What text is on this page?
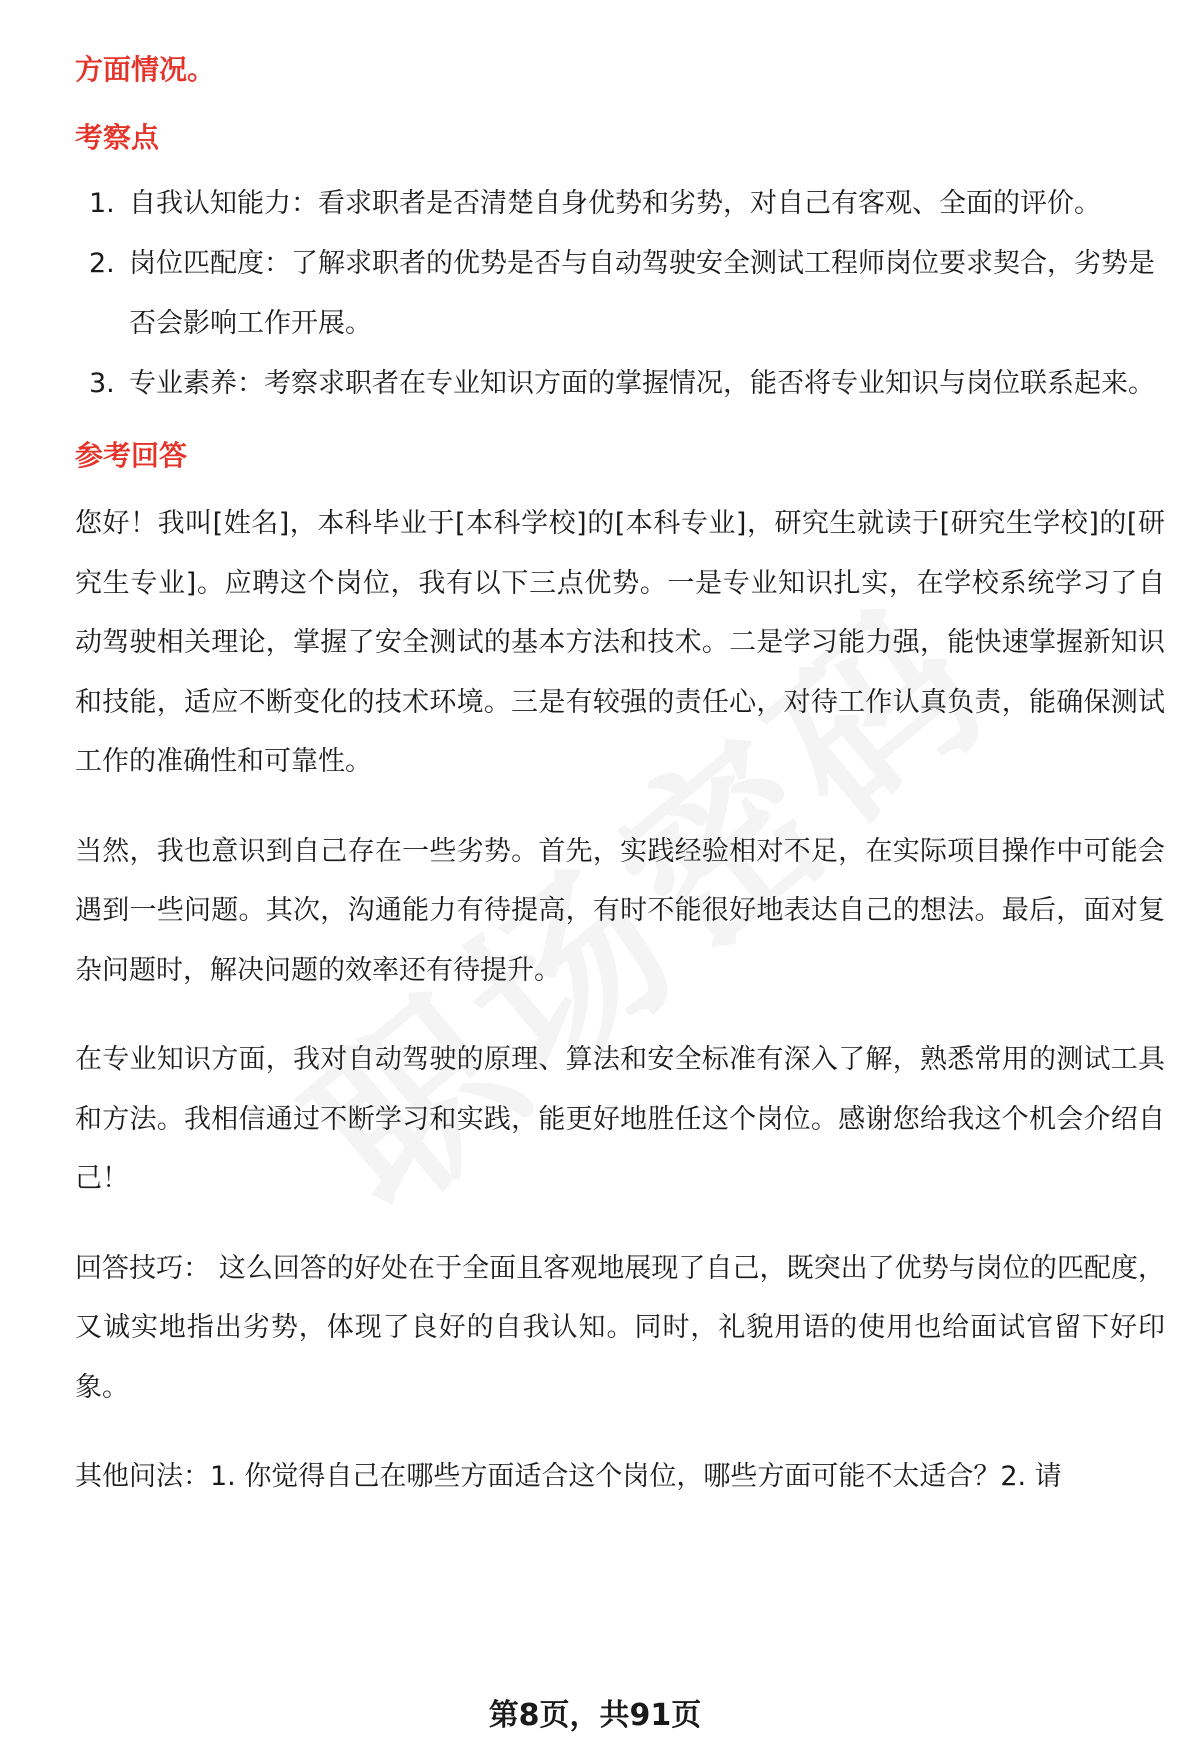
方面情况。
考察点
1. 自我认知能力：看求职者是否清楚自身优势和劣势，对自己有客观、全面的评价。
2. 岗位匹配度：了解求职者的优势是否与自动驾驶安全测试工程师岗位要求契合，劣势是否会影响工作开展。
3. 专业素养：考察求职者在专业知识方面的掌握情况，能否将专业知识与岗位联系起来。
参考回答

您好！我叫[姓名]，本科毕业于[本科学校]的[本科专业]，研究生就读于[研究生学校]的[研究生专业]。应聘这个岗位，我有以下三点优势。一是专业知识扎实，在学校系统学习了自动驾驶相关理论，掌握了安全测试的基本方法和技术。二是学习能力强，能快速掌握新知识和技能，适应不断变化的技术环境。三是有较强的责任心，对待工作认真负责，能确保测试工作的准确性和可靠性。

当然，我也意识到自己存在一些劣势。首先，实践经验相对不足，在实际项目操作中可能会遇到一些问题。其次，沟通能力有待提高，有时不能很好地表达自己的想法。最后，面对复杂问题时，解决问题的效率还有待提升。

在专业知识方面，我对自动驾驶的原理、算法和安全标准有深入了解，熟悉常用的测试工具和方法。我相信通过不断学习和实践，能更好地胜任这个岗位。感谢您给我这个机会介绍自己！

回答技巧： 这么回答的好处在于全面且客观地展现了自己，既突出了优势与岗位的匹配度，又诚实地指出劣势，体现了良好的自我认知。同时，礼貌用语的使用也给面试官留下好印象。

其他问法：1. 你觉得自己在哪些方面适合这个岗位，哪些方面可能不太适合？2. 请

第8页，共91页
